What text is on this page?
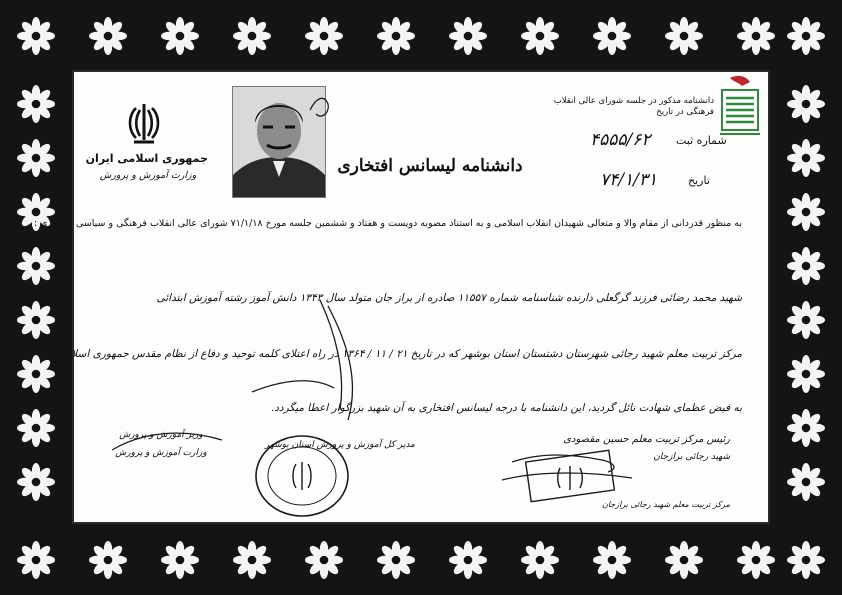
جمهوری اسلامی ایران
وزارت آموزش و پرورش	دانشنامه لیسانس افتخاری
دانشنامه مذکور در جلسه شورای عالی انقلاب فرهنگی در تاریخ
شماره ثبت
۴۵۵۵/۶۲
تاریخ
۷۴/۱/۳۱
به منظور قدردانی از مقام والا و متعالی شهیدان انقلاب اسلامی و به استناد مصوبه دویست و هفتاد و ششمین جلسه مورخ ۷۱/۱/۱۸ شورای عالی انقلاب فرهنگی و سیاسی ایثارگری :
شهید محمد رضائی فرزند گرگعلی دارنده شناسنامه شماره ۱۱۵۵۷ صادره از براز جان متولد سال ۱۳۴۳ دانش آموز رشته آموزش ابتدائی
مرکز تربیت معلم شهید رجائی شهرستان دشتستان استان بوشهر که در تاریخ ۲۱ / ۱۱ / ۱۳۶۴ در راه اعتلای کلمه توحید و دفاع از نظام مقدس جمهوری اسلامی
به فیض عظمای شهادت نائل گردید، این دانشنامه با درجه لیسانس افتخاری به آن شهید بزرگوار اعطا میگردد.
رئیس مرکز تربیت معلم حسین مقصودی
شهید رجائی برازجان
مرکز تربیت معلم شهید رجائی برازجان
مدیر کل آموزش و پرورش استان بوشهر
وزیر آموزش و پرورش
وزارت آموزش و پرورش
